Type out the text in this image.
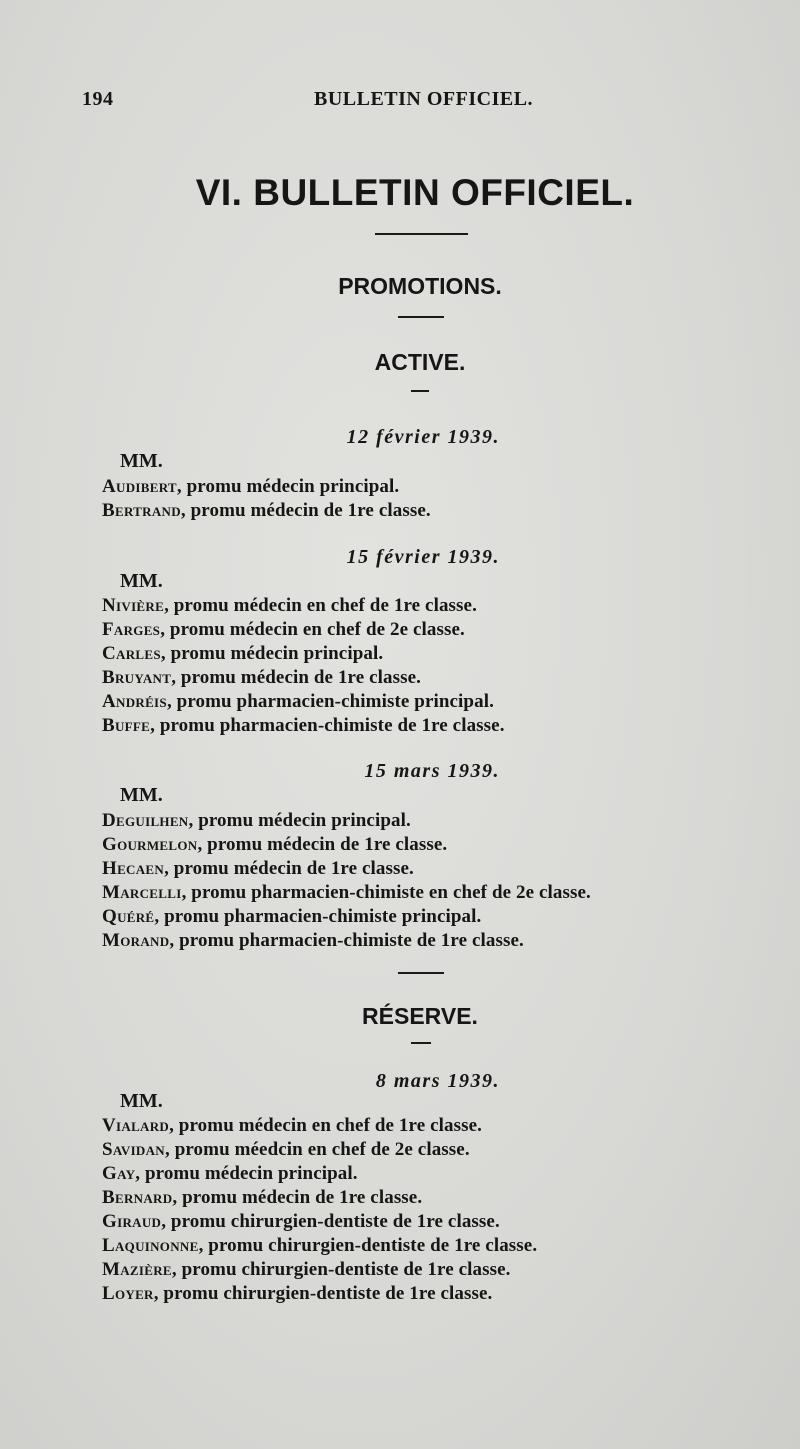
194	BULLETIN OFFICIEL.
VI. BULLETIN OFFICIEL.
PROMOTIONS.
ACTIVE.
12 février 1939.
MM.
Audibert, promu médecin principal.
Bertrand, promu médecin de 1re classe.
15 février 1939.
MM.
Nivière, promu médecin en chef de 1re classe.
Farges, promu médecin en chef de 2e classe.
Carles, promu médecin principal.
Bruyant, promu médecin de 1re classe.
Andréis, promu pharmacien-chimiste principal.
Buffe, promu pharmacien-chimiste de 1re classe.
15 mars 1939.
MM.
Deguilhen, promu médecin principal.
Gourmelon, promu médecin de 1re classe.
Hecaen, promu médecin de 1re classe.
Marcelli, promu pharmacien-chimiste en chef de 2e classe.
Quéré, promu pharmacien-chimiste principal.
Morand, promu pharmacien-chimiste de 1re classe.
RÉSERVE.
8 mars 1939.
MM.
Vialard, promu médecin en chef de 1re classe.
Savidan, promu méedcin en chef de 2e classe.
Gay, promu médecin principal.
Bernard, promu médecin de 1re classe.
Giraud, promu chirurgien-dentiste de 1re classe.
Laquinonne, promu chirurgien-dentiste de 1re classe.
Mazière, promu chirurgien-dentiste de 1re classe.
Loyer, promu chirurgien-dentiste de 1re classe.
